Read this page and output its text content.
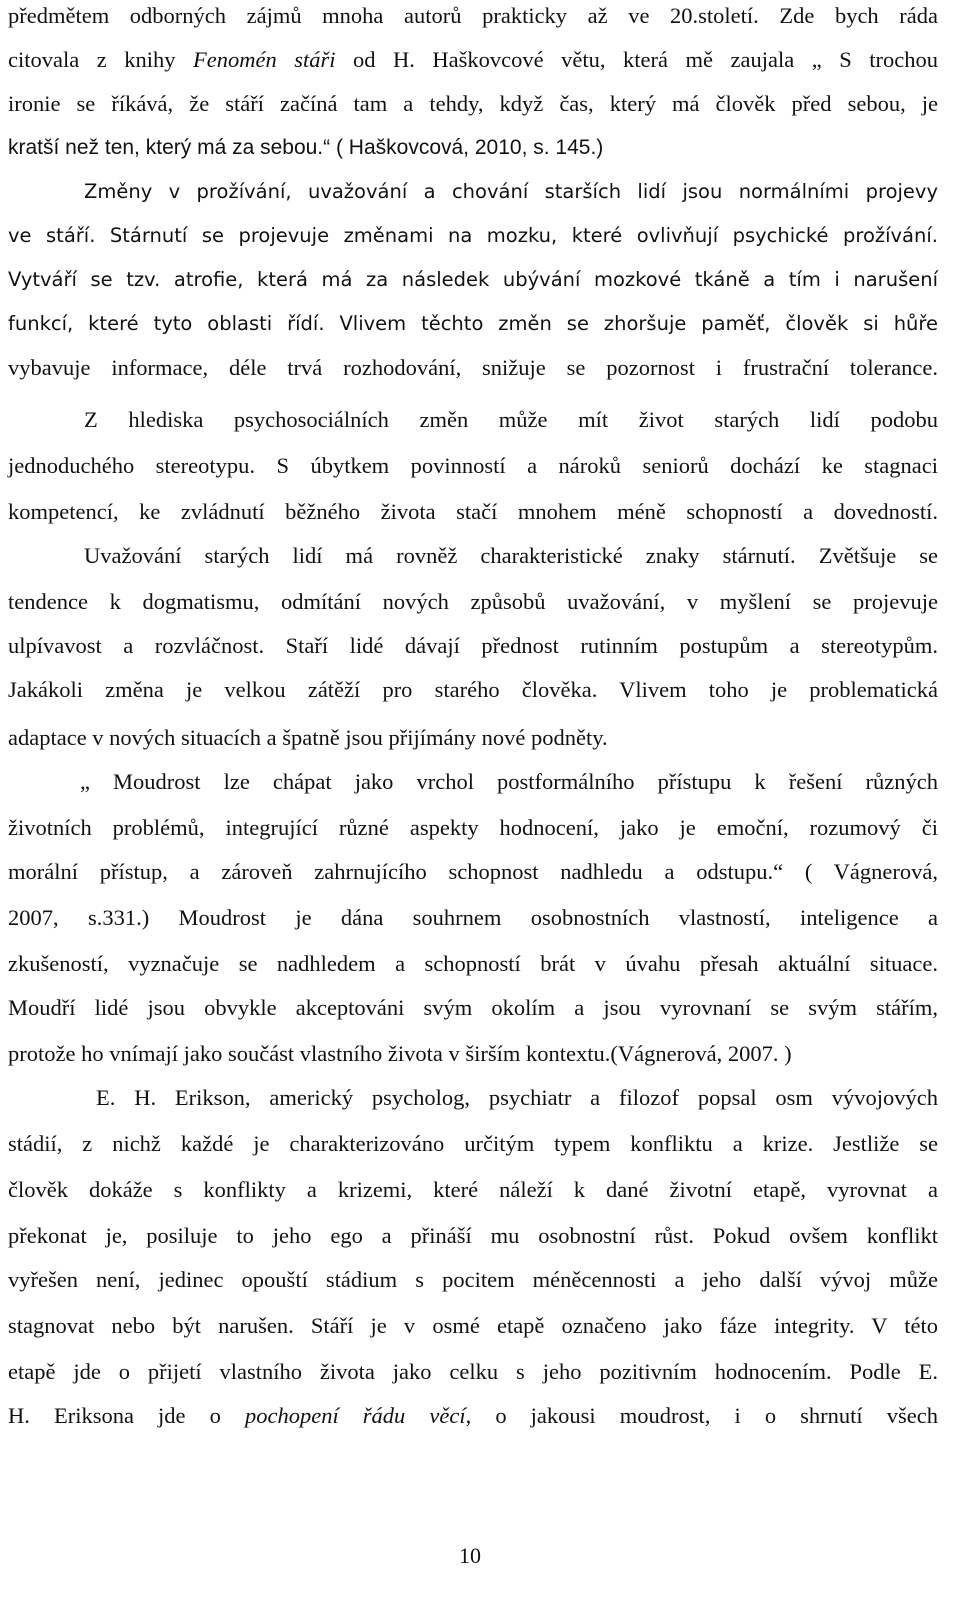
předmětem odborných zájmů mnoha autorů prakticky až ve 20.století. Zde bych ráda

citovala z knihy Fenomén stáři od H. Haškovcové větu, která mě zaujala „ S trochou

ironie se říkává, že stáří začíná tam a tehdy, když čas, který má člověk před sebou, je

kratší než ten, který má za sebou.“ ( Haškovcová, 2010, s. 145.)

Změny v prožívání, uvažování a chování starších lidí jsou normálními projevy

ve stáří. Stárnutí se projevuje změnami na mozku, které ovlivňují psychické prožívání.

Vytváří se tzv. atrofie, která má za následek ubývání mozkové tkáně a tím i narušení

funkcí, které tyto oblasti řídí. Vlivem těchto změn se zhoršuje paměť, člověk si hůře

vybavuje informace, déle trvá rozhodování, snižuje se pozornost i frustrační tolerance.

Z hlediska psychosociálních změn může mít život starých lidí podobu

jednoduchého stereotypu. S úbytkem povinností a nároků seniorů dochází ke stagnaci

kompetencí, ke zvládnutí běžného života stačí mnohem méně schopností a dovedností.

Uvažování starých lidí má rovněž charakteristické znaky stárnutí. Zvětšuje se

tendence k dogmatismu, odmítání nových způsobů uvažování, v myšlení se projevuje

ulpívavost a rozvláčnost. Staří lidé dávají přednost rutinním postupům a stereotypům.

Jakákoli změna je velkou zátěží pro starého člověka. Vlivem toho je problematická

adaptace v nových situacích a špatně jsou přijímány nové podněty.

„ Moudrost lze chápat jako vrchol postformálního přístupu k řešení různých

životních problémů, integrující různé aspekty hodnocení, jako je emoční, rozumový či

morální přístup, a zároveň zahrnujícího schopnost nadhledu a odstupu.“ ( Vágnerová,

2007, s.331.) Moudrost je dána souhrnem osobnostních vlastností, inteligence a

zkušeností, vyznačuje se nadhledem a schopností brát v úvahu přesah aktuální situace.

Moudří lidé jsou obvykle akceptováni svým okolím a jsou vyrovnaní se svým stářím,

protože ho vnímají jako součást vlastního života v širším kontextu.(Vágnerová, 2007. )

E. H. Erikson, americký psycholog, psychiatr a filozof popsal osm vývojových

stádií, z nichž každé je charakterizováno určitým typem konfliktu a krize. Jestliže se

člověk dokáže s konflikty a krizemi, které náleží k dané životní etapě, vyrovnat a

překonat je, posiluje to jeho ego a přináší mu osobnostní růst. Pokud ovšem konflikt

vyřešen není, jedinec opouští stádium s pocitem méněcennosti a jeho další vývoj může

stagnovat nebo být narušen. Stáří je v osmé etapě označeno jako fáze integrity. V této

etapě jde o přijetí vlastního života jako celku s jeho pozitivním hodnocením. Podle E.

H. Eriksona jde o pochopení řádu věcí, o jakousi moudrost, i o shrnutí všech

10
